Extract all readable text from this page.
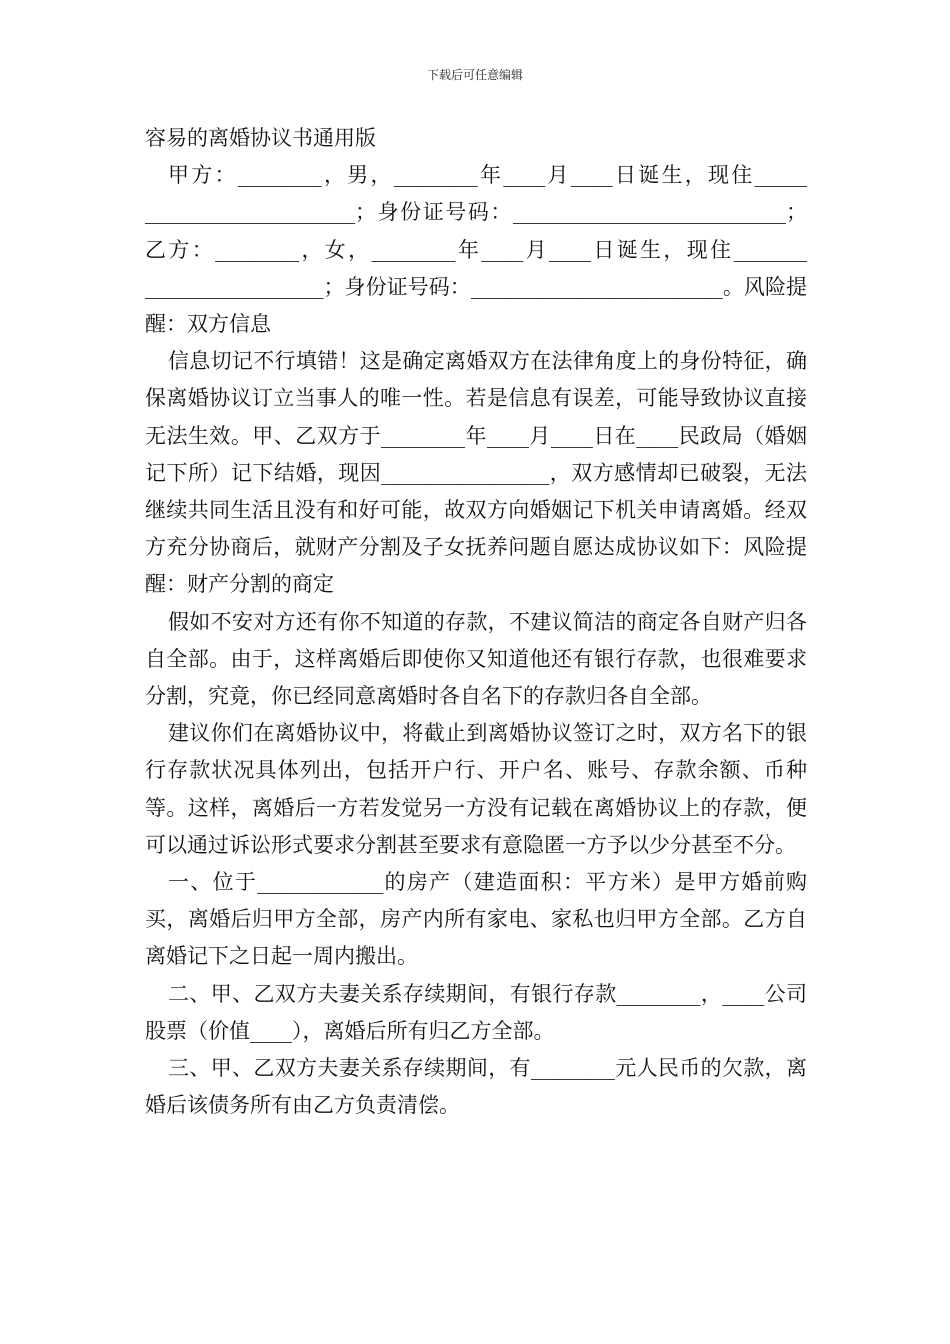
下载后可任意编辑

容易的离婚协议书通用版

甲方：________，男，________年____月____日诞生，现住_____ ____________________；身份证号码：__________________________；乙方：________，女，________年____月____日诞生，现住_______ _________________；身份证号码：________________________。风险提醒：双方信息

信息切记不行填错！这是确定离婚双方在法律角度上的身份特征，确保离婚协议订立当事人的唯一性。若是信息有误差，可能导致协议直接无法生效。甲、乙双方于________年____月____日在____民政局（婚姻记下所）记下结婚，现因________________，双方感情却已破裂，无法继续共同生活且没有和好可能，故双方向婚姻记下机关申请离婚。经双方充分协商后，就财产分割及子女抚养问题自愿达成协议如下：风险提醒：财产分割的商定

假如不安对方还有你不知道的存款，不建议简洁的商定各自财产归各自全部。由于，这样离婚后即使你又知道他还有银行存款，也很难要求分割，究竟，你已经同意离婚时各自名下的存款归各自全部。

建议你们在离婚协议中，将截止到离婚协议签订之时，双方名下的银行存款状况具体列出，包括开户行、开户名、账号、存款余额、币种等。这样，离婚后一方若发觉另一方没有记载在离婚协议上的存款，便可以通过诉讼形式要求分割甚至要求有意隐匿一方予以少分甚至不分。

一、位于____________的房产（建造面积：平方米）是甲方婚前购买，离婚后归甲方全部，房产内所有家电、家私也归甲方全部。乙方自离婚记下之日起一周内搬出。

二、甲、乙双方夫妻关系存续期间，有银行存款________，____公司股票（价值____），离婚后所有归乙方全部。

三、甲、乙双方夫妻关系存续期间，有________元人民币的欠款，离婚后该债务所有由乙方负责清偿。
